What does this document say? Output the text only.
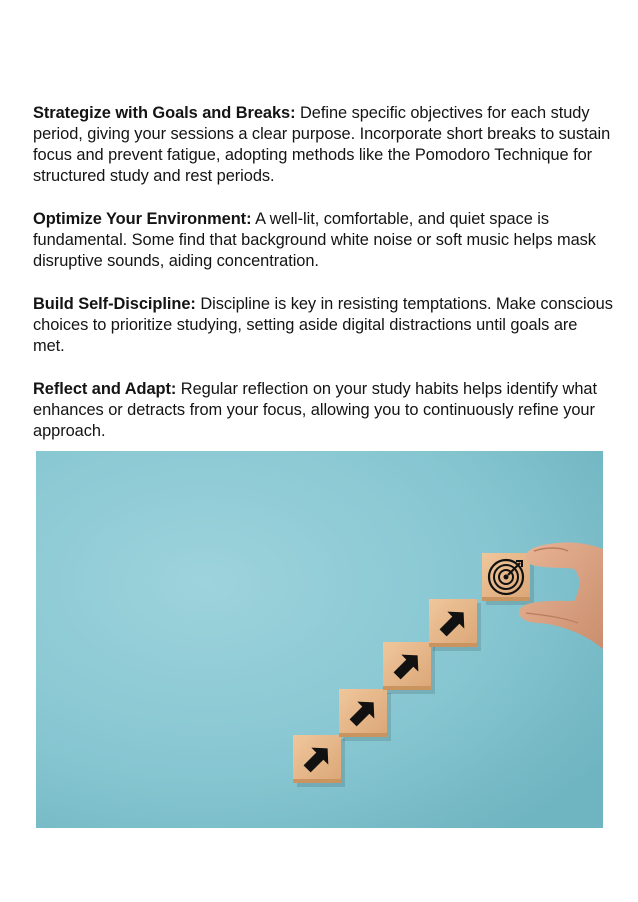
Strategize with Goals and Breaks: Define specific objectives for each study period, giving your sessions a clear purpose. Incorporate short breaks to sustain focus and prevent fatigue, adopting methods like the Pomodoro Technique for structured study and rest periods.

Optimize Your Environment: A well-lit, comfortable, and quiet space is fundamental. Some find that background white noise or soft music helps mask disruptive sounds, aiding concentration.

Build Self-Discipline: Discipline is key in resisting temptations. Make conscious choices to prioritize studying, setting aside digital distractions until goals are met.

Reflect and Adapt: Regular reflection on your study habits helps identify what enhances or detracts from your focus, allowing you to continuously refine your approach.
